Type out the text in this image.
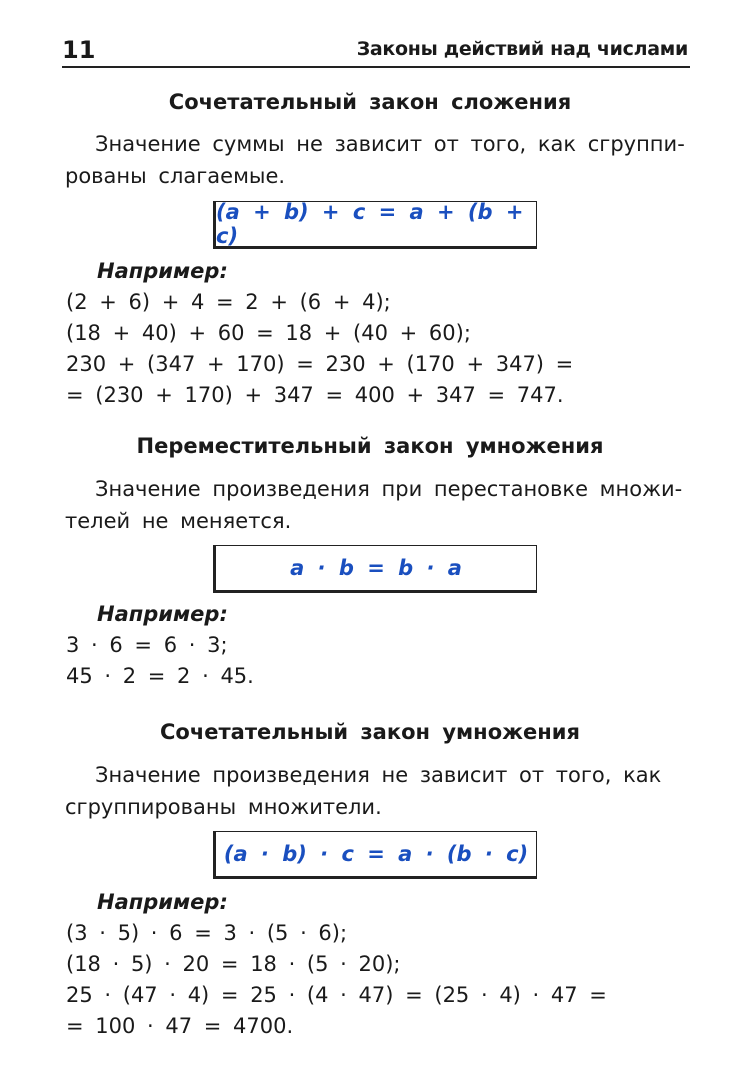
11	Законы действий над числами
Сочетательный закон сложения
Значение суммы не зависит от того, как сгруппи-
рованы слагаемые.
(a + b) + c = a + (b + c)
Например:
(2 + 6) + 4 = 2 + (6 + 4);
(18 + 40) + 60 = 18 + (40 + 60);
230 + (347 + 170) = 230 + (170 + 347) =
= (230 + 170) + 347 = 400 + 347 = 747.
Переместительный закон умножения
Значение произведения при перестановке множи-
телей не меняется.
a · b = b · a
Например:
3 · 6 = 6 · 3;
45 · 2 = 2 · 45.
Сочетательный закон умножения
Значение произведения не зависит от того, как
сгруппированы множители.
(a · b) · c = a · (b · c)
Например:
(3 · 5) · 6 = 3 · (5 · 6);
(18 · 5) · 20 = 18 · (5 · 20);
25 · (47 · 4) = 25 · (4 · 47) = (25 · 4) · 47 =
= 100 · 47 = 4700.
